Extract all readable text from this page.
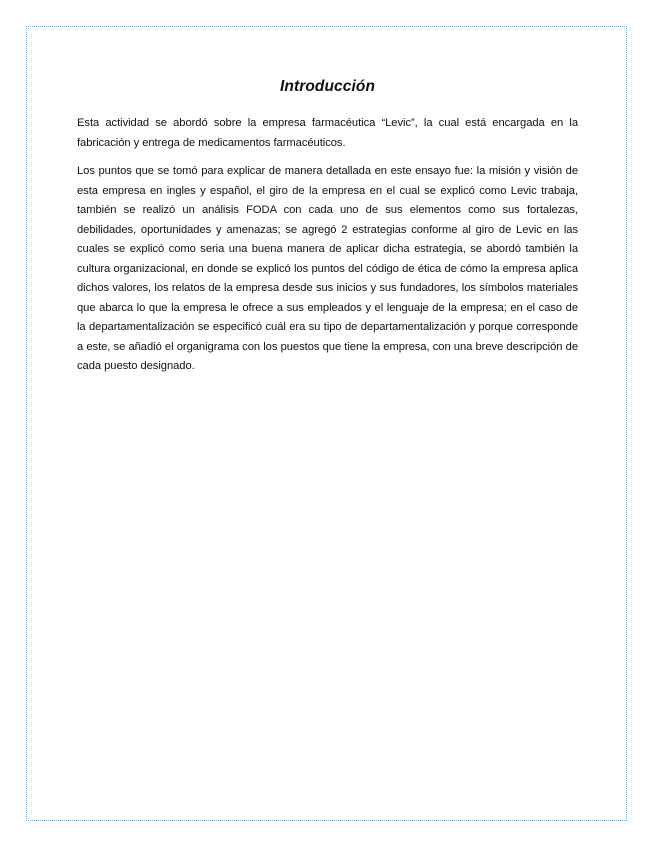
Introducción

Esta actividad se abordó sobre la empresa farmacéutica “Levic”, la cual está encargada en la fabricación y entrega de medicamentos farmacéuticos.

Los puntos que se tomó para explicar de manera detallada en este ensayo fue: la misión y visión de esta empresa en ingles y español, el giro de la empresa en el cual se explicó como Levic trabaja, también se realizó un análisis FODA con cada uno de sus elementos como sus fortalezas, debilidades, oportunidades y amenazas; se agregó 2 estrategias conforme al giro de Levic en las cuales se explicó como seria una buena manera de aplicar dicha estrategia, se abordó también la cultura organizacional, en donde se explicó los puntos del código de ética de cómo la empresa aplica dichos valores, los relatos de la empresa desde sus inicios y sus fundadores, los símbolos materiales que abarca lo que la empresa le ofrece a sus empleados y el lenguaje de la empresa; en el caso de la departamentalización se especificó cuál era su tipo de departamentalización y porque corresponde a este, se añadió el organigrama con los puestos que tiene la empresa, con una breve descripción de cada puesto designado.
